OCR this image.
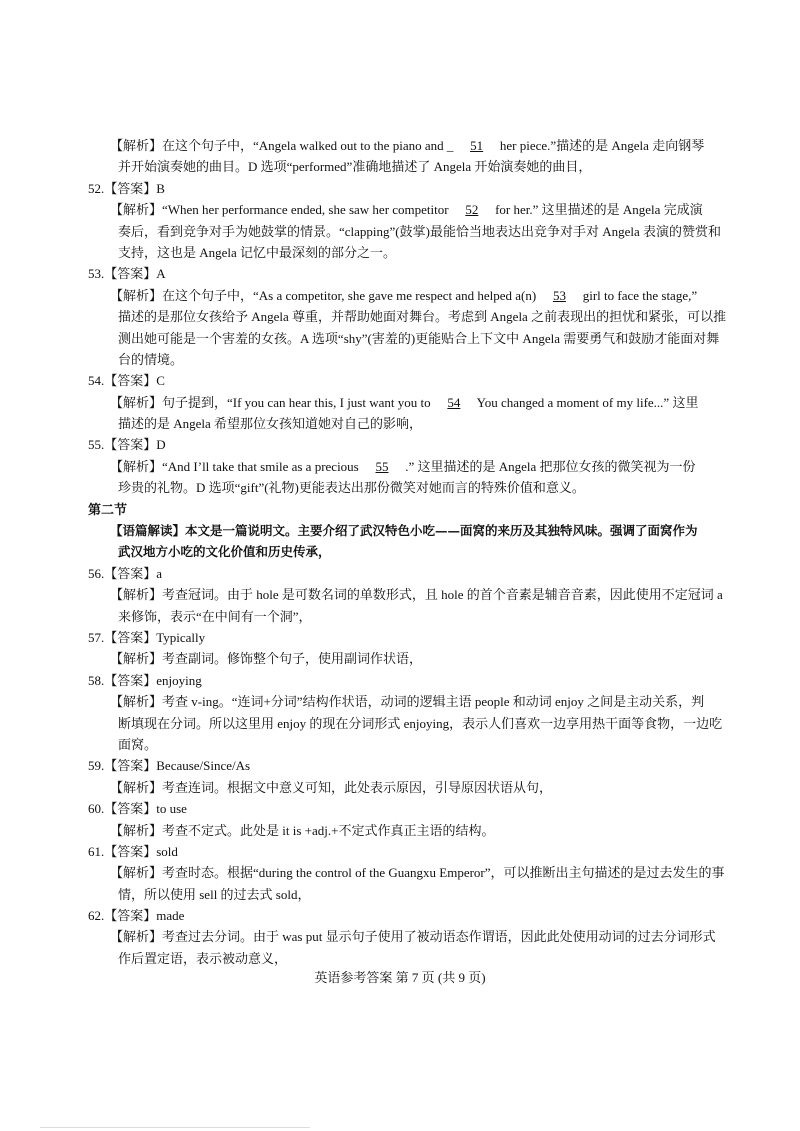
【解析】在这个句子中，“Angela walked out to the piano and _ 51 her piece.”描述的是 Angela 走向钢琴
并开始演奏她的曲目。D 选项“performed”准确地描述了 Angela 开始演奏她的曲目，
52.【答案】B
【解析】“When her performance ended, she saw her competitor 52 for her.” 这里描述的是 Angela 完成演
奏后，看到竞争对手为她鼓掌的情景。“clapping”(鼓掌)最能恰当地表达出竞争对手对 Angela 表演的赞赏和
支持，这也是 Angela 记忆中最深刻的部分之一。
53.【答案】A
【解析】在这个句子中，“As a competitor, she gave me respect and helped a(n) 53 girl to face the stage,”
描述的是那位女孩给予 Angela 尊重，并帮助她面对舞台。考虑到 Angela 之前表现出的担忧和紧张，可以推
测出她可能是一个害羞的女孩。A 选项“shy”(害羞的)更能贴合上下文中 Angela 需要勇气和鼓励才能面对舞
台的情境。
54.【答案】C
【解析】句子提到，“If you can hear this, I just want you to 54 You changed a moment of my life...” 这里
描述的是 Angela 希望那位女孩知道她对自己的影响，
55.【答案】D
【解析】“And I’ll take that smile as a precious 55 .” 这里描述的是 Angela 把那位女孩的微笑视为一份
珍贵的礼物。D 选项“gift”(礼物)更能表达出那份微笑对她而言的特殊价值和意义。
第二节
【语篇解读】本文是一篇说明文。主要介绍了武汉特色小吃——面窝的来历及其独特风味。强调了面窝作为
武汉地方小吃的文化价值和历史传承，
56.【答案】a
【解析】考查冠词。由于 hole 是可数名词的单数形式，且 hole 的首个音素是辅音音素，因此使用不定冠词 a
来修饰，表示“在中间有一个洞”，
57.【答案】Typically
【解析】考查副词。修饰整个句子，使用副词作状语，
58.【答案】enjoying
【解析】考查 v-ing。“连词+分词”结构作状语，动词的逻辑主语 people 和动词 enjoy 之间是主动关系，判
断填现在分词。所以这里用 enjoy 的现在分词形式 enjoying，表示人们喜欢一边享用热干面等食物，一边吃
面窝。
59.【答案】Because/Since/As
【解析】考查连词。根据文中意义可知，此处表示原因，引导原因状语从句，
60.【答案】to use
【解析】考查不定式。此处是 it is +adj.+不定式作真正主语的结构。
61.【答案】sold
【解析】考查时态。根据“during the control of the Guangxu Emperor”，可以推断出主句描述的是过去发生的事
情，所以使用 sell 的过去式 sold，
62.【答案】made
【解析】考查过去分词。由于 was put 显示句子使用了被动语态作谓语，因此此处使用动词的过去分词形式
作后置定语，表示被动意义，
英语参考答案 第 7 页 (共 9 页)
